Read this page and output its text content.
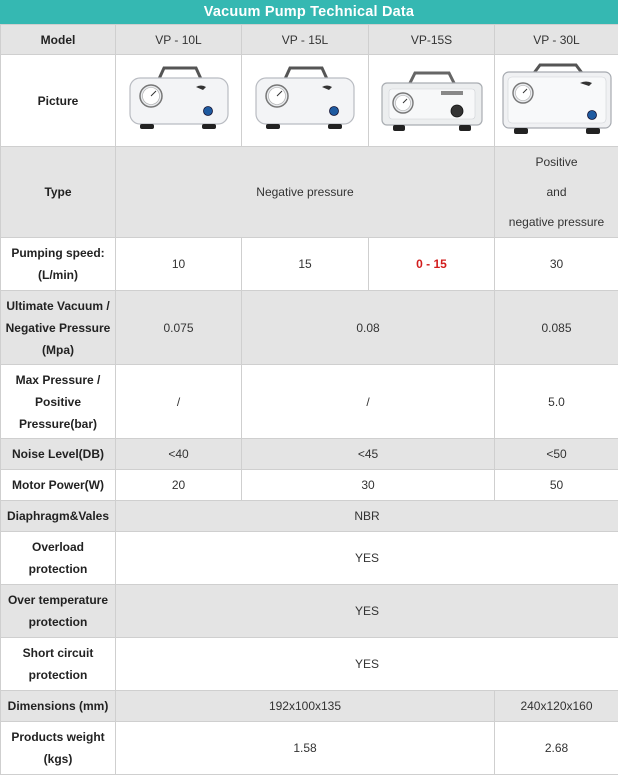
Vacuum Pump Technical Data
Model	VP - 10L	VP - 15L	VP-15S	VP - 30L
Picture	

Type	Negative pressure			Positive
and
negative pressure

Pumping speed:
(L/min)	10	15	0 - 15	30

Ultimate Vacuum /
Negative Pressure
(Mpa)	0.075	0.08		0.085

Max Pressure /
Positive
Pressure(bar)	/	/		5.0
Noise Level(DB)	<40	<45		<50
Motor Power(W)	20	30		50
Diaphragm&Vales	NBR			

Overload
protection	YES			

Over temperature
protection	YES			

Short circuit
protection	YES			
Dimensions (mm)	192x100x135			240x120x160

Products weight
(kgs)	1.58			2.68
